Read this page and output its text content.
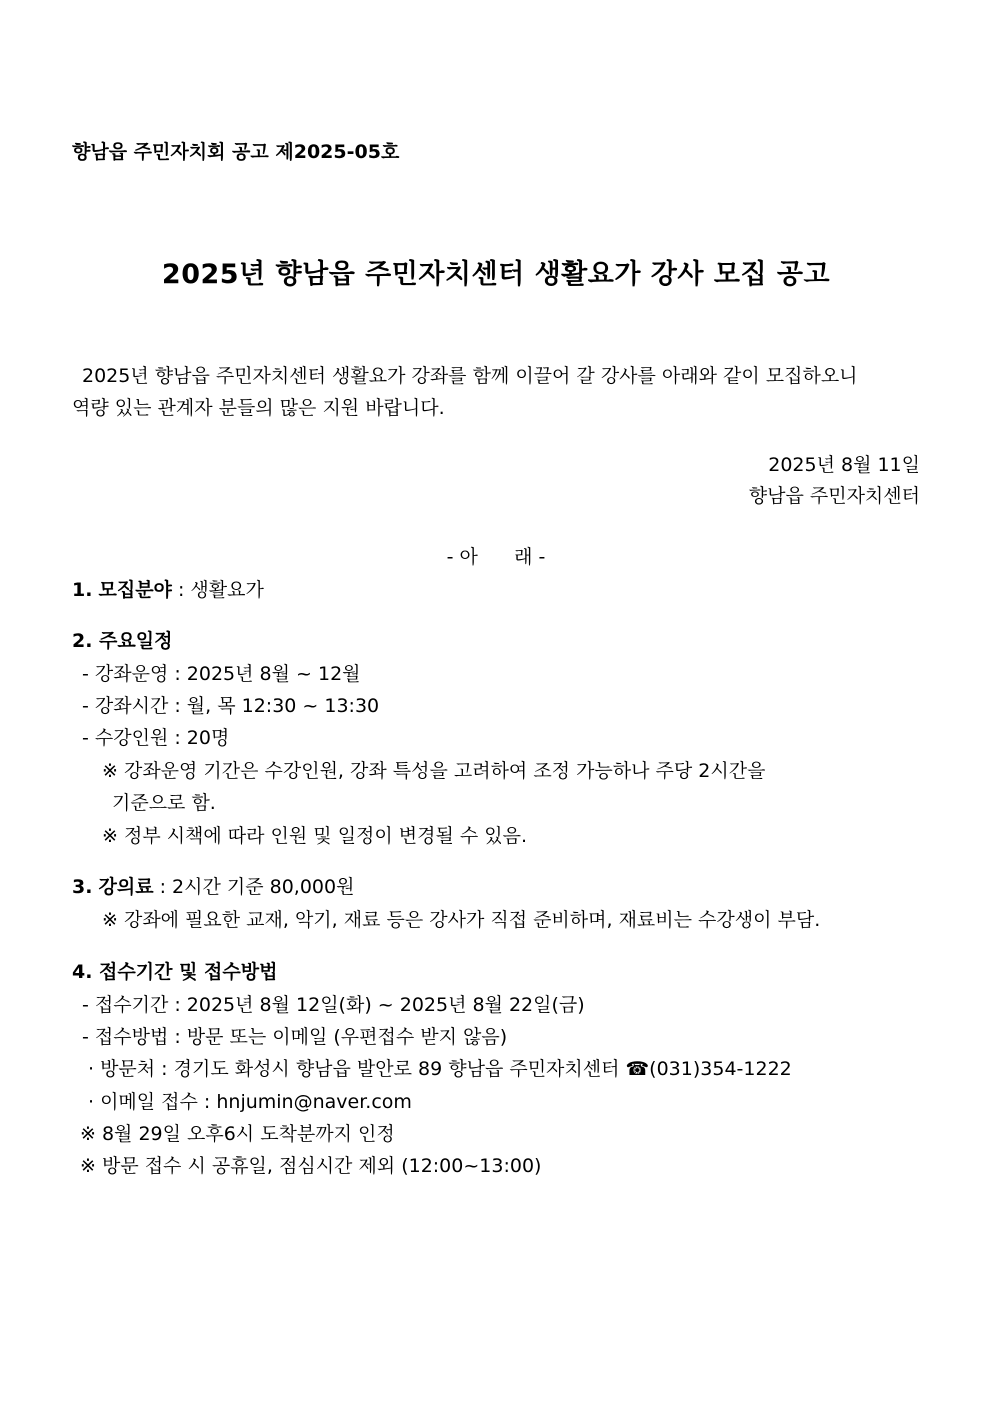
향남읍 주민자치회 공고 제2025-05호
2025년 향남읍 주민자치센터 생활요가 강사 모집 공고
2025년 향남읍 주민자치센터 생활요가 강좌를 함께 이끌어 갈 강사를 아래와 같이 모집하오니
역량 있는 관계자 분들의 많은 지원 바랍니다.
2025년 8월 11일
향남읍 주민자치센터
- 아      래 -
1. 모집분야 : 생활요가
2. 주요일정
- 강좌운영 : 2025년 8월 ~ 12월
- 강좌시간 : 월, 목 12:30 ~ 13:30
- 수강인원 : 20명
※ 강좌운영 기간은 수강인원, 강좌 특성을 고려하여 조정 가능하나 주당 2시간을
기준으로 함.
※ 정부 시책에 따라 인원 및 일정이 변경될 수 있음.
3. 강의료 : 2시간 기준 80,000원
※ 강좌에 필요한 교재, 악기, 재료 등은 강사가 직접 준비하며, 재료비는 수강생이 부담.
4. 접수기간 및 접수방법
- 접수기간 : 2025년 8월 12일(화) ~ 2025년 8월 22일(금)
- 접수방법 : 방문 또는 이메일 (우편접수 받지 않음)
· 방문처 : 경기도 화성시 향남읍 발안로 89 향남읍 주민자치센터 ☎(031)354-1222
· 이메일 접수 : hnjumin@naver.com
※ 8월 29일 오후6시 도착분까지 인정
※ 방문 접수 시 공휴일, 점심시간 제외 (12:00~13:00)
